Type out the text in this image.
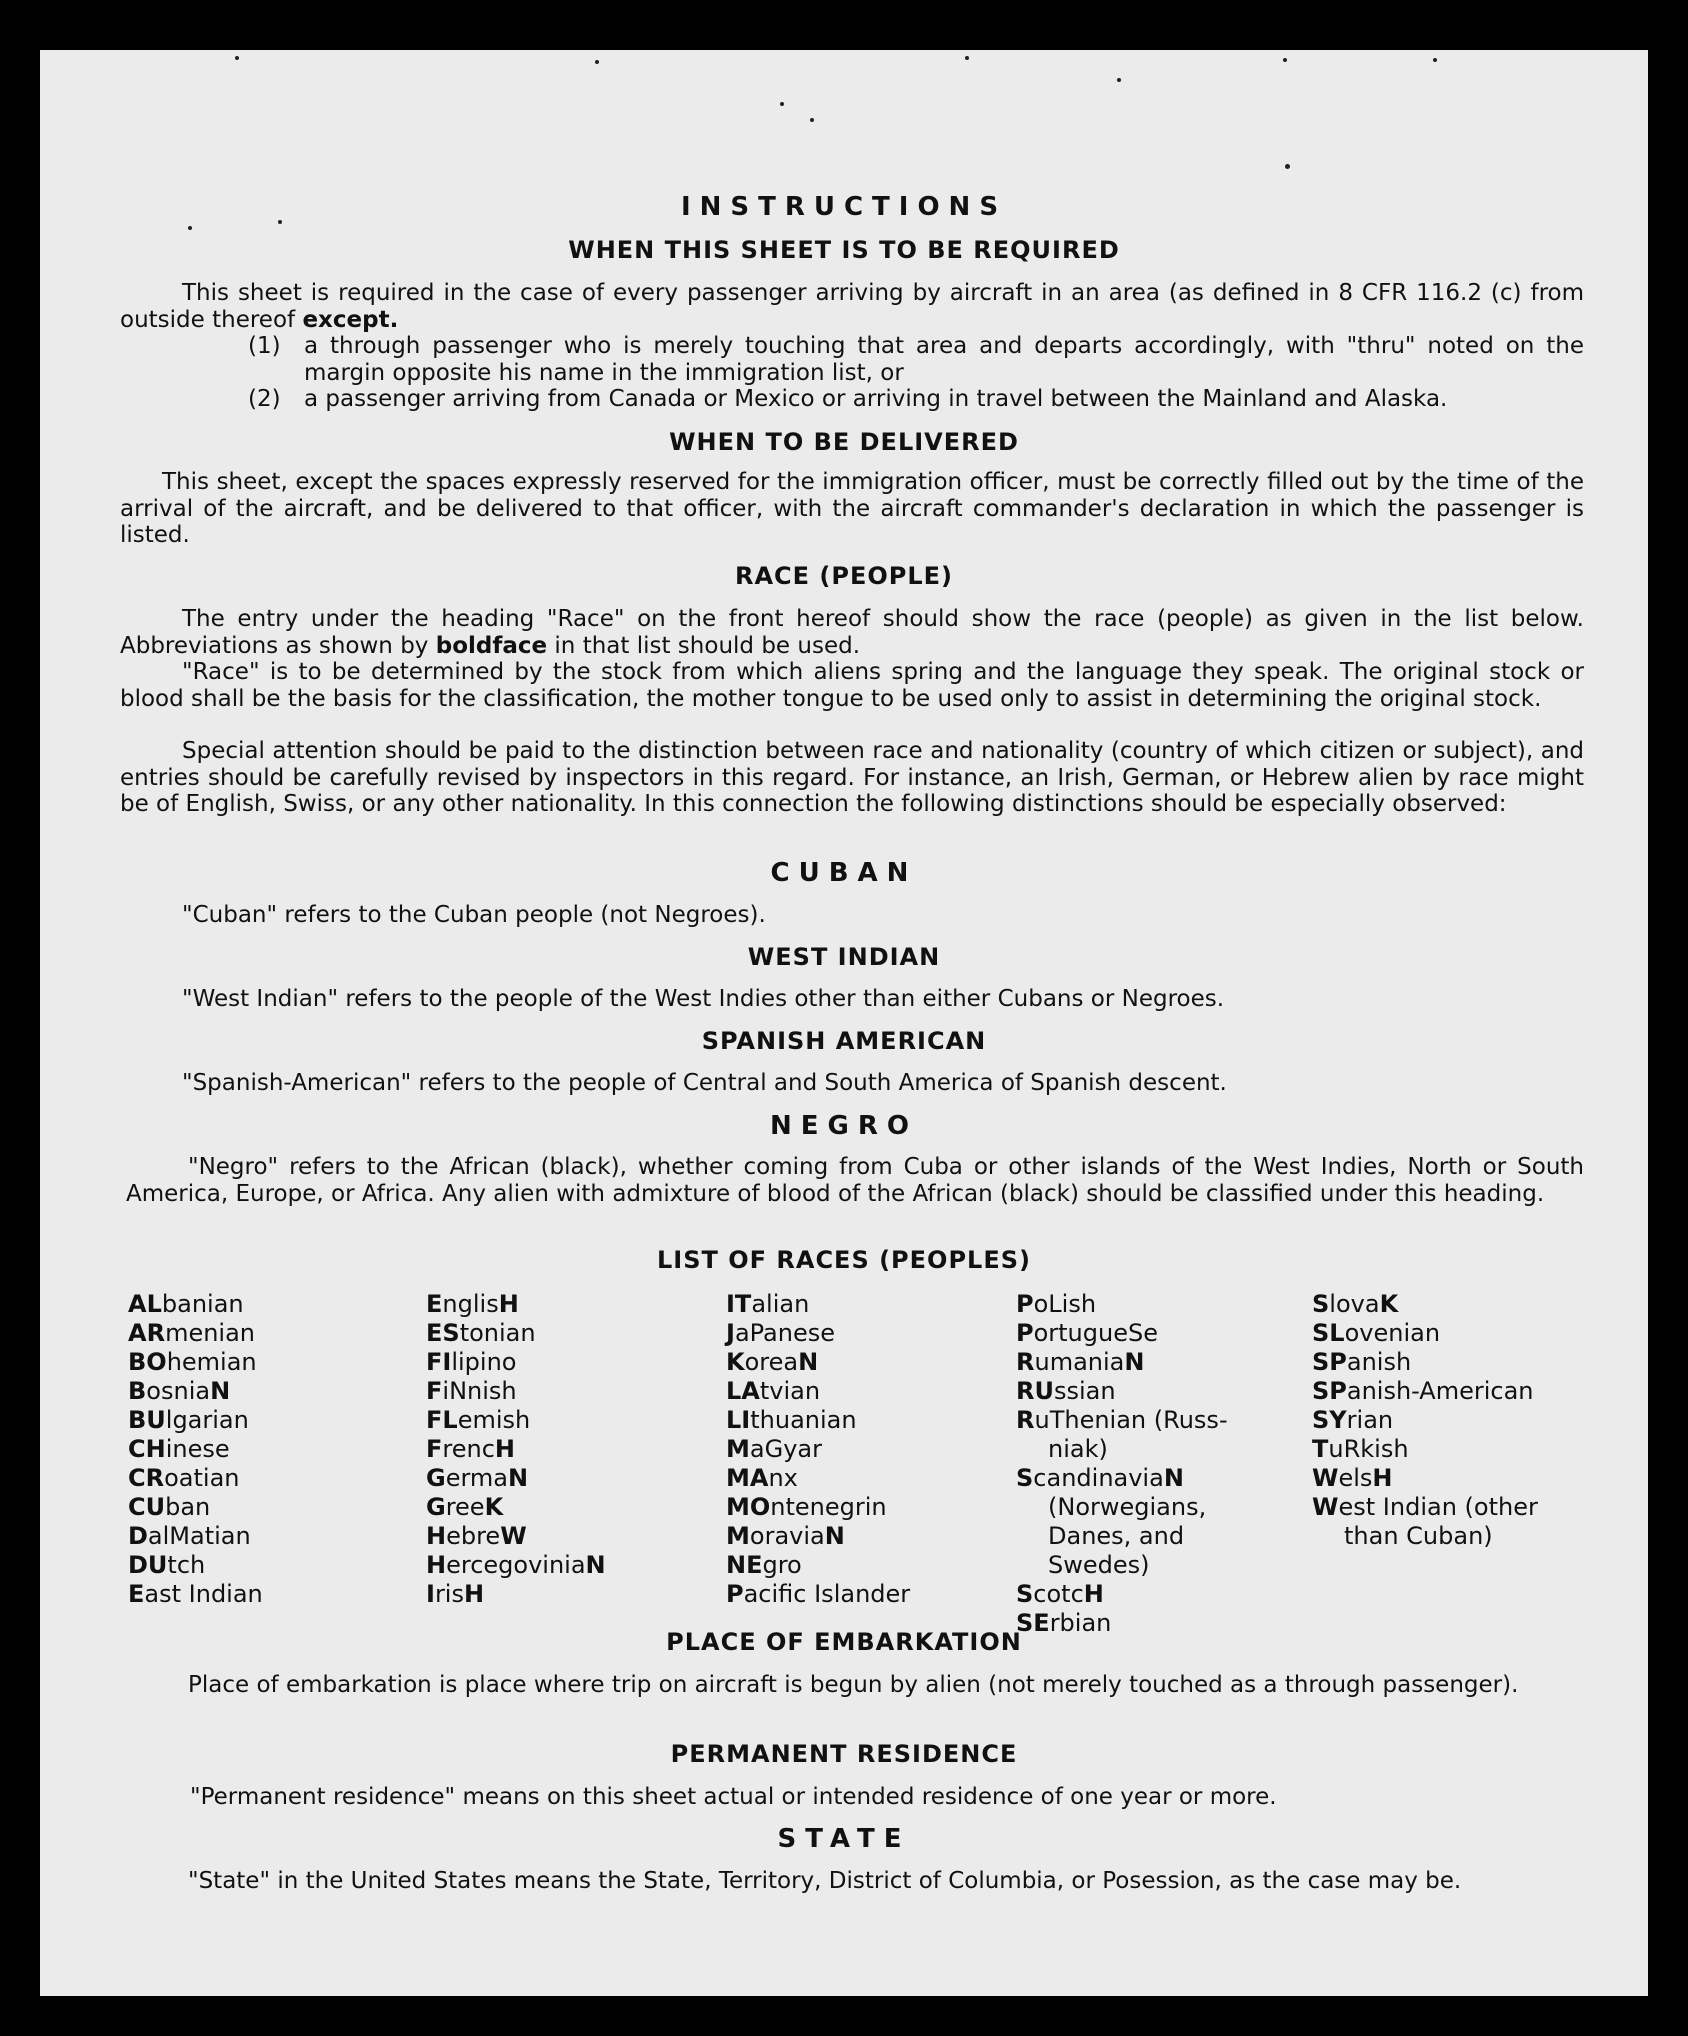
INSTRUCTIONS
WHEN THIS SHEET IS TO BE REQUIRED
This sheet is required in the case of every passenger arriving by aircraft in an area (as defined in 8 CFR 116.2 (c) from outside thereof except.
(1) a through passenger who is merely touching that area and departs accordingly, with "thru" noted on the margin opposite his name in the immigration list, or
(2) a passenger arriving from Canada or Mexico or arriving in travel between the Mainland and Alaska.
WHEN TO BE DELIVERED
This sheet, except the spaces expressly reserved for the immigration officer, must be correctly filled out by the time of the arrival of the aircraft, and be delivered to that officer, with the aircraft commander's declaration in which the passenger is listed.
RACE (PEOPLE)
The entry under the heading "Race" on the front hereof should show the race (people) as given in the list below. Abbreviations as shown by boldface in that list should be used.
"Race" is to be determined by the stock from which aliens spring and the language they speak. The original stock or blood shall be the basis for the classification, the mother tongue to be used only to assist in determining the original stock.
Special attention should be paid to the distinction between race and nationality (country of which citizen or subject), and entries should be carefully revised by inspectors in this regard. For instance, an Irish, German, or Hebrew alien by race might be of English, Swiss, or any other nationality. In this connection the following distinctions should be especially observed:
CUBAN
"Cuban" refers to the Cuban people (not Negroes).
WEST INDIAN
"West Indian" refers to the people of the West Indies other than either Cubans or Negroes.
SPANISH AMERICAN
"Spanish-American" refers to the people of Central and South America of Spanish descent.
NEGRO
"Negro" refers to the African (black), whether coming from Cuba or other islands of the West Indies, North or South America, Europe, or Africa. Any alien with admixture of blood of the African (black) should be classified under this heading.
LIST OF RACES (PEOPLES)
ALbanian
ARmenian
BOhemian
BosniaN
BUlgarian
CHinese
CRoatian
CUban
DalMatian
DUtch
East Indian
EnglisH
EStonian
FIlipino
FiNnish
FLemish
FrencH
GermaN
GreeK
HebreW
HercegoviniaN
IrisH
ITalian
JaPanese
KoreaN
LAtvian
LIthuanian
MaGyar
MAnx
MOntenegrin
MoraviaN
NEgro
Pacific Islander
PoLish
PortugueSe
RumaniaN
RUssian
RuThenian (Russ-
niak)
ScandinaviaN
(Norwegians,
Danes, and
Swedes)
ScotcH
SErbian
SlovaK
SLovenian
SPanish
SPanish-American
SYrian
TuRkish
WelsH
West Indian (other
than Cuban)
PLACE OF EMBARKATION
Place of embarkation is place where trip on aircraft is begun by alien (not merely touched as a through passenger).
PERMANENT RESIDENCE
"Permanent residence" means on this sheet actual or intended residence of one year or more.
STATE
"State" in the United States means the State, Territory, District of Columbia, or Posession, as the case may be.
